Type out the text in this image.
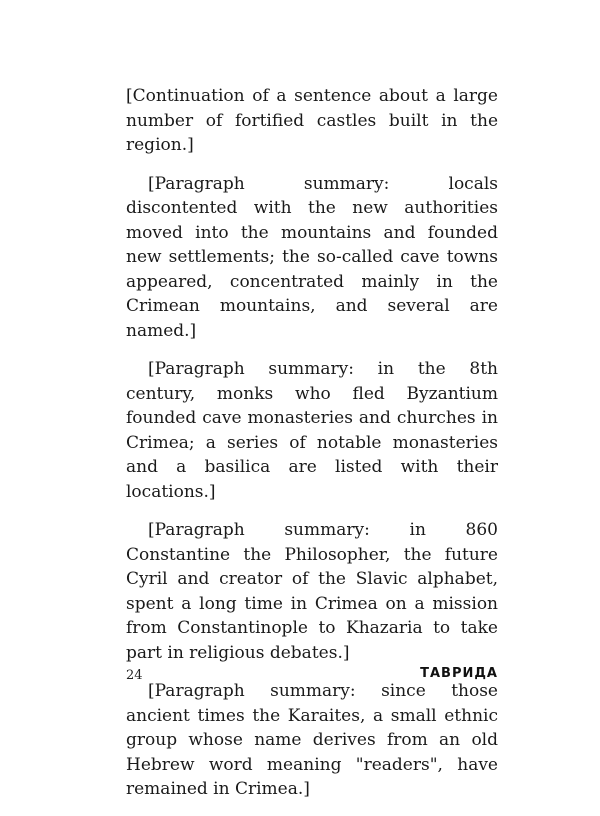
[Continuation of a sentence about a large number of fortified castles built in the region.]

[Paragraph summary: locals discontented with the new authorities moved into the mountains and founded new settlements; the so-called cave towns appeared, concentrated mainly in the Crimean mountains, and several are named.]

[Paragraph summary: in the 8th century, monks who fled Byzantium founded cave monasteries and churches in Crimea; a series of notable monasteries and a basilica are listed with their locations.]

[Paragraph summary: in 860 Constantine the Philosopher, the future Cyril and creator of the Slavic alphabet, spent a long time in Crimea on a mission from Constantinople to Khazaria to take part in religious debates.]

[Paragraph summary: since those ancient times the Karaites, a small ethnic group whose name derives from an old Hebrew word meaning "readers", have remained in Crimea.]

24	ТАВРИДА
